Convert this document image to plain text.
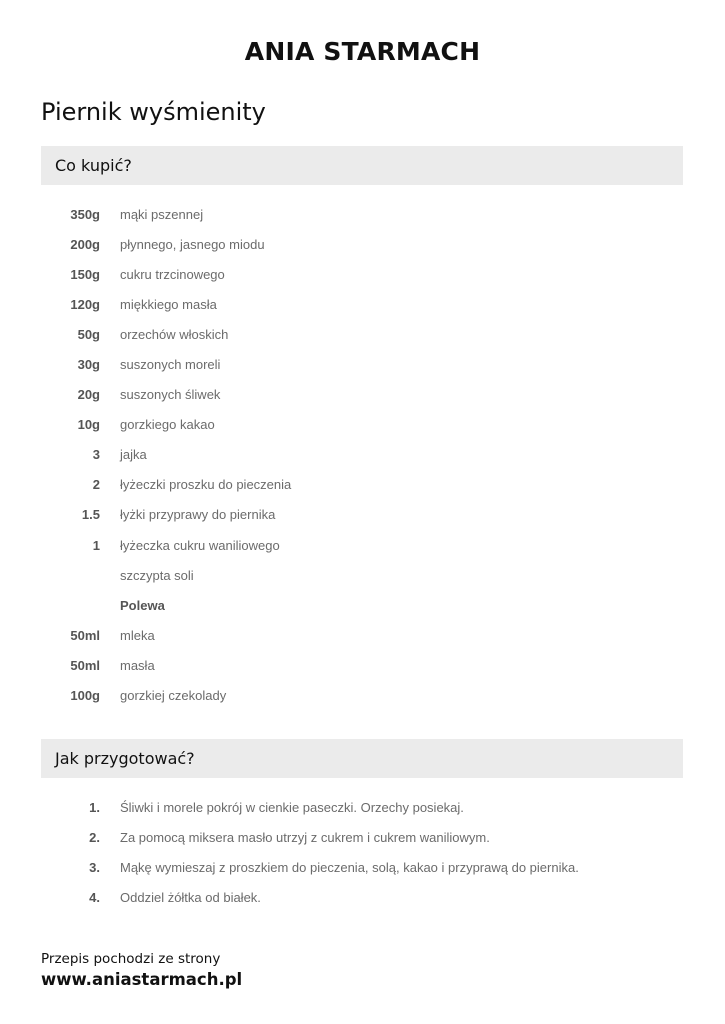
ANIA STARMACH
Piernik wyśmienity
Co kupić?
350g mąki pszennej
200g płynnego, jasnego miodu
150g cukru trzcinowego
120g miękkiego masła
50g orzechów włoskich
30g suszonych moreli
20g suszonych śliwek
10g gorzkiego kakao
3 jajka
2 łyżeczki proszku do pieczenia
1.5 łyżki przyprawy do piernika
1 łyżeczka cukru waniliowego
szczypta soli
Polewa
50ml mleka
50ml masła
100g gorzkiej czekolady
Jak przygotować?
1. Śliwki i morele pokrój w cienkie paseczki. Orzechy posiekaj.
2. Za pomocą miksera masło utrzyj z cukrem i cukrem waniliowym.
3. Mąkę wymieszaj z proszkiem do pieczenia, solą, kakao i przyprawą do piernika.
4. Oddziel żółtka od białek.
Przepis pochodzi ze strony
www.aniastarmach.pl
